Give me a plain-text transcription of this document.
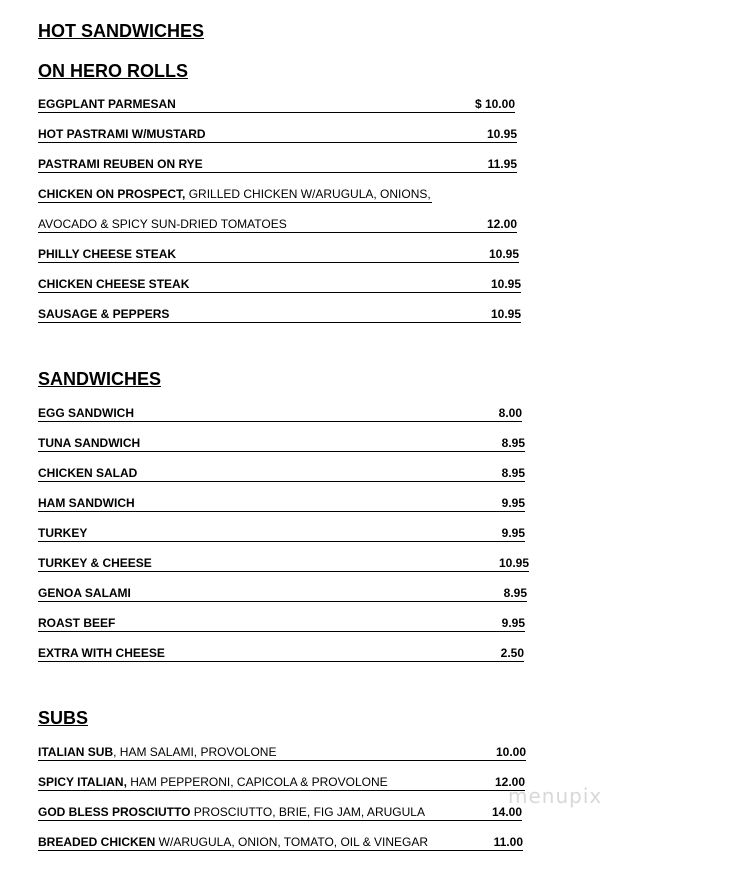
HOT SANDWICHES
ON HERO ROLLS
EGGPLANT PARMESAN	$ 10.00
HOT PASTRAMI W/MUSTARD	10.95
PASTRAMI REUBEN ON RYE	11.95
CHICKEN ON PROSPECT, GRILLED CHICKEN W/ARUGULA, ONIONS,
AVOCADO & SPICY SUN-DRIED TOMATOES	12.00
PHILLY CHEESE STEAK	10.95
CHICKEN CHEESE STEAK	10.95
SAUSAGE & PEPPERS	10.95
SANDWICHES
EGG SANDWICH	8.00
TUNA SANDWICH	8.95
CHICKEN SALAD	8.95
HAM SANDWICH	9.95
TURKEY	9.95
TURKEY & CHEESE	10.95
GENOA SALAMI	8.95
ROAST BEEF	9.95
EXTRA WITH CHEESE	2.50
SUBS
ITALIAN SUB, HAM SALAMI, PROVOLONE	10.00
SPICY ITALIAN, HAM PEPPERONI, CAPICOLA & PROVOLONE	12.00
GOD BLESS PROSCIUTTO PROSCIUTTO, BRIE, FIG JAM, ARUGULA	14.00
BREADED CHICKEN W/ARUGULA, ONION, TOMATO, OIL & VINEGAR	11.00
menupix
